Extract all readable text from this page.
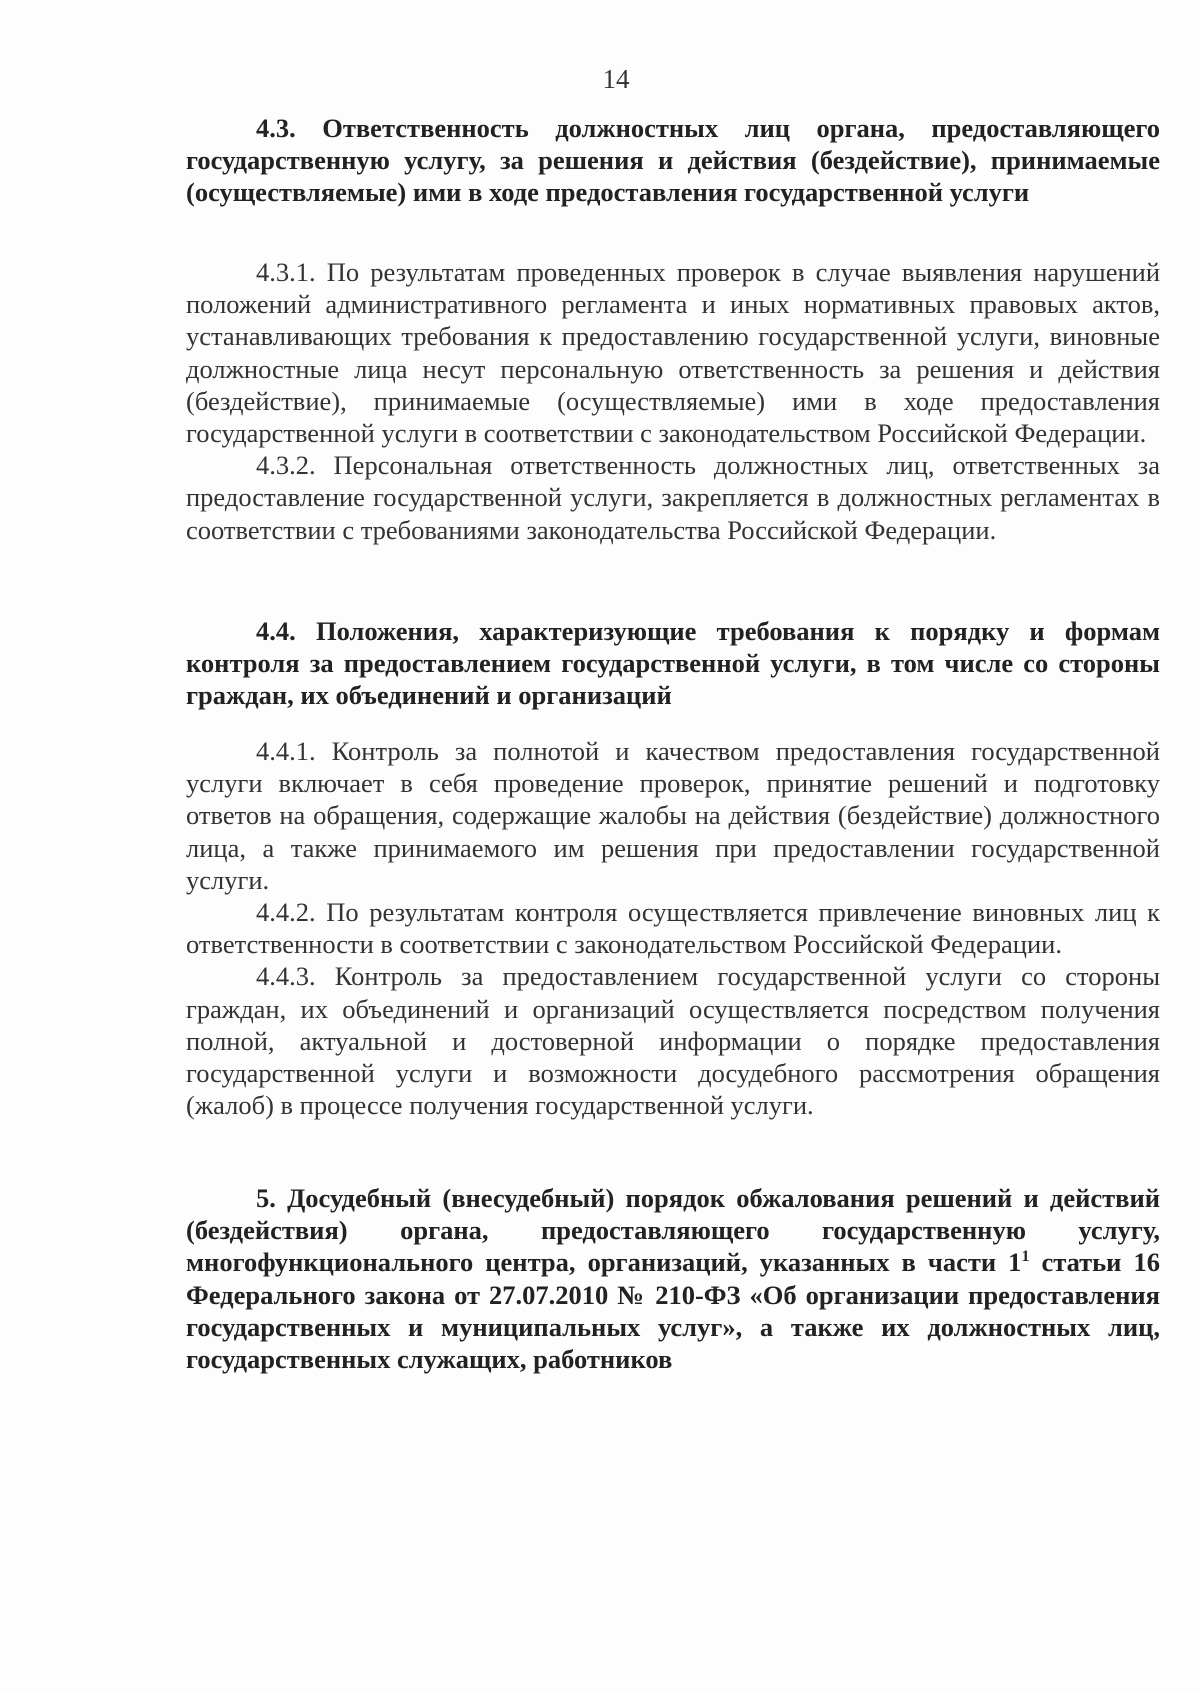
14

4.3. Ответственность должностных лиц органа, предоставляющего государственную услугу, за решения и действия (бездействие), принимаемые (осуществляемые) ими в ходе предоставления государственной услуги

4.3.1. По результатам проведенных проверок в случае выявления нарушений положений административного регламента и иных нормативных правовых актов, устанавливающих требования к предоставлению государственной услуги, виновные должностные лица несут персональную ответственность за решения и действия (бездействие), принимаемые (осуществляемые) ими в ходе предоставления государственной услуги в соответствии с законодательством Российской Федерации.

4.3.2. Персональная ответственность должностных лиц, ответственных за предоставление государственной услуги, закрепляется в должностных регламентах в соответствии с требованиями законодательства Российской Федерации.

4.4. Положения, характеризующие требования к порядку и формам контроля за предоставлением государственной услуги, в том числе со стороны граждан, их объединений и организаций

4.4.1. Контроль за полнотой и качеством предоставления государственной услуги включает в себя проведение проверок, принятие решений и подготовку ответов на обращения, содержащие жалобы на действия (бездействие) должностного лица, а также принимаемого им решения при предоставлении государственной услуги.

4.4.2. По результатам контроля осуществляется привлечение виновных лиц к ответственности в соответствии с законодательством Российской Федерации.

4.4.3. Контроль за предоставлением государственной услуги со стороны граждан, их объединений и организаций осуществляется посредством получения полной, актуальной и достоверной информации о порядке предоставления государственной услуги и возможности досудебного рассмотрения обращения (жалоб) в процессе получения государственной услуги.

5. Досудебный (внесудебный) порядок обжалования решений и действий (бездействия) органа, предоставляющего государственную услугу, многофункционального центра, организаций, указанных в части $1^1$ статьи 16 Федерального закона от 27.07.2010 № 210-ФЗ «Об организации предоставления государственных и муниципальных услуг», а также их должностных лиц, государственных служащих, работников
